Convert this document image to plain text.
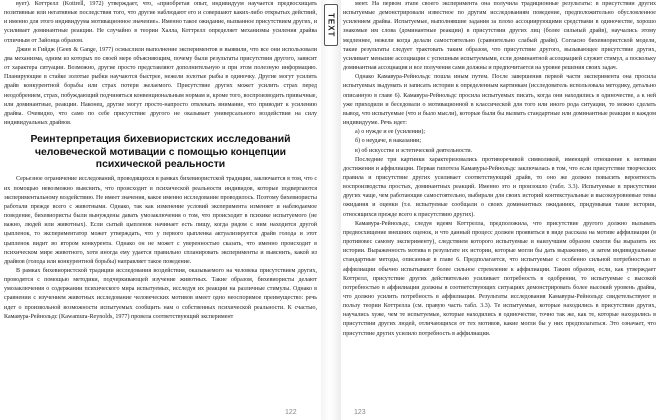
вует). Коттрелл (Kottrell, 1972) утверждает, что, «приобретая опыт, индивидуум научается предвосхищать позитивные или негативные последствия того, что другие наблюдают его и совершают каких-либо открытых действий, и именно для этого индивидуума мотивационное значение». Именно такое ожидание, вызванное присутствием других, и усиливает доминантные реакции. Не случайно в теории Халла, Коттрелл определяет механизмы усиления драйва отличным от Зайонца образом.

Джин и Гийдж (Geen & Gange, 1977) осмыслили выполнение экспериментов и выявили, что все они использовали два механизма, одним из которых по своей мере объясняющим, почему были результаты присутствия другого, зависит от характера ситуации. Возможно, другие просто представляют дополнительную и при этом полезную информацию. Планирующие в стайке золотые рыбки научаются быстрее, нежели золотые рыбы в одиночку. Другие могут усилить драйв конкурентной борьбы или страх потери желаемого. Присутствие других может усилить страх перед неодобрением, страх, побуждающий подчиняться конвенциональным нормам и, кроме того, воспроизводить привычные, или доминантные, реакции. Наконец, другие могут просто-напросто отвлекать внимание, что приводит к усилению драйва. Очевидно, что само по себе присутствие другого не оказывает универсального воздействия на силу индивидуальных драйвов.

Реинтерпретация бихевиористских исследований человеческой мотивации с помощью концепции психической реальности

Серьезное ограничение исследований, проводящихся в рамках бихевиористской традиции, заключается в том, что с их помощью невозможно выяснить, что происходит в психической реальности индивидов, которые подвергаются экспериментальному воздействию. Не имеет значения, какое именно исследование проводилось. Поэтому бихевиористы работали прежде всего с животными. Однако, так как изменение условий эксперимента изменяет и наблюдаемое поведение, бихевиористы были вынуждены давать умозаключения о том, что происходит в психике испытуемого (не важно, людей или животных). Если сытый цыпленок начинает есть пищу, когда рядом с ним находится другой цыпленок, то экспериментатор может утверждать, что у первого цыпленка актуализируется драйв голода и этот цыпленок видит во втором конкурента. Однако он не может с уверенностью сказать, что именно происходит в психическом мире животного, хотя иногда ему удается правильно спланировать эксперименты и выяснить, какой из драйвов (голода или конкурентной борьбы) направляет такое поведение.

В рамках бихевиористской традиции исследования воздействия, оказываемого на человека присутствием других, проводятся с помощью методики, подчеркивающей изучение животных. Такие образом, бихевиористы делают умозаключения о содержании психического мира испытуемых, исследуя их реакции на различные стимулы. Однако в сравнении с изучением животных исследование человеческих мотивов имеет одно неоспоримое преимущество: речь идет о произвольной возможности испытуемых сообщить нам о собственных психической реальности. К счастью, Камавура-Рейнольдс (Kawamura-Reynolds, 1977) провела соответствующий эксперимент

ТЕХТ

мент. На первом этапе своего эксперимента она получила традиционные результаты: в присутствии других испытуемые демонстрировали известное по другим исследованиям поведение, предположительно обусловленное усилением драйва. Испытуемые, выполнявшие задания за плохо ассоциирующими средствами в одиночестве, хорошо знакомые им слова (доминантные реакции) в присутствии других лиц (более сильный драйв), научались этому медленнее, нежели когда делали самостоятельно (сравнительно слабый драйв). Согласно бихевиористской модели, такие результаты следует трактовать таким образом, что присутствие другого, вызывающее присутствие других, усиливает меньшие ассоциации с успешным испытуемыми, если доминантной ассоциацией служит стимул, а поскольку доминантная ассоциация и все получения сами должны и предпочитается на уровне решения своих задач.

Однако Камавура-Рейнольдс пошла иным путем. После завершения первой части эксперимента она просила испытуемых выдумать и записать истории к определенным картинкам (исследователь использовала методику, детально описанную в главе 6). Камавура-Рейнольдс просила испытуемых писать, когда они находились в одиночестве, а к ней уже приходили и беседовали о мотивационной в классической для того или иного рода ситуации, то можно сделать вывод, что испытуемые (что и было мысли), которые были бы вызвать стандартные или доминантные реакции в каждом индивидууме. Речь идет:

а) о нужде и ее (усилении);
б) о неудаче, в наказании;
в) об искусстве и эстетической деятельности.

Последние три картинки характеризовались противоречивой символикой, имеющей отношение к мотивам достижения и аффилиации. Первая гипотеза Камавуры-Рейнольдс заключалась в том, что если присутствие творческих правила и присутствие других усиливает соответствующий драйв, то оно же должно повысить вероятность воспроизводства простых, доминантных реакций. Именно это и произошло (табл. 3.3). Испытуемые в присутствии других чаще, чем работающие самостоятельно, выбирали для своих историй контекстуальные и высокоуровневые темы ожидания и оценки (т.е. испытуемые сообщали о своих доминантных ожиданиях, придумывая такие истории, относящихся прежде всего к присутствию других).

Камавура-Рейнольдс, следуя идеям Коттрелла, предположила, что присутствие другого должно вызывать предвосхищение внешних оценок, и что данный процесс должен проявиться в виде рассказа на мотиве аффилиации (в противовес самому эксперименту), следствием которого испытуемые и наилучшим образом смогли бы выразить их истории. Выраженность мотива в результате их истории, которые могли бы дать выражению, и затем индивидуальные стандартные методы, описанные в главе 6. Предполагается, что испытуемые с особенно сильной потребностью в аффилиации обычно испытывают более сильное стремление к аффилиации. Таким образом, если, как утверждает Коттрелл, присутствие других действительно усиливает потребность в одобрении, то испытуемые с высокой потребностью в аффилиации должны в соответствующих ситуациях демонстрировать более высокий уровень драйва, что должно усилить потребность в аффилиации. Результаты исследования Камавуры-Рейнольдс свидетельствуют в пользу теории Коттрелла (см. правую часть табл. 3.3). Те испытуемые, которые находились в присутствии других, научались хуже, чем те испытуемые, которые находились в одиночестве, точно так же, как те, которые находились в присутствии других людей, отличающихся от тех мотивов, какие могли бы у них предполагаться. Это означает, что присутствие других усилило потребность в аффилиации.

122	123
